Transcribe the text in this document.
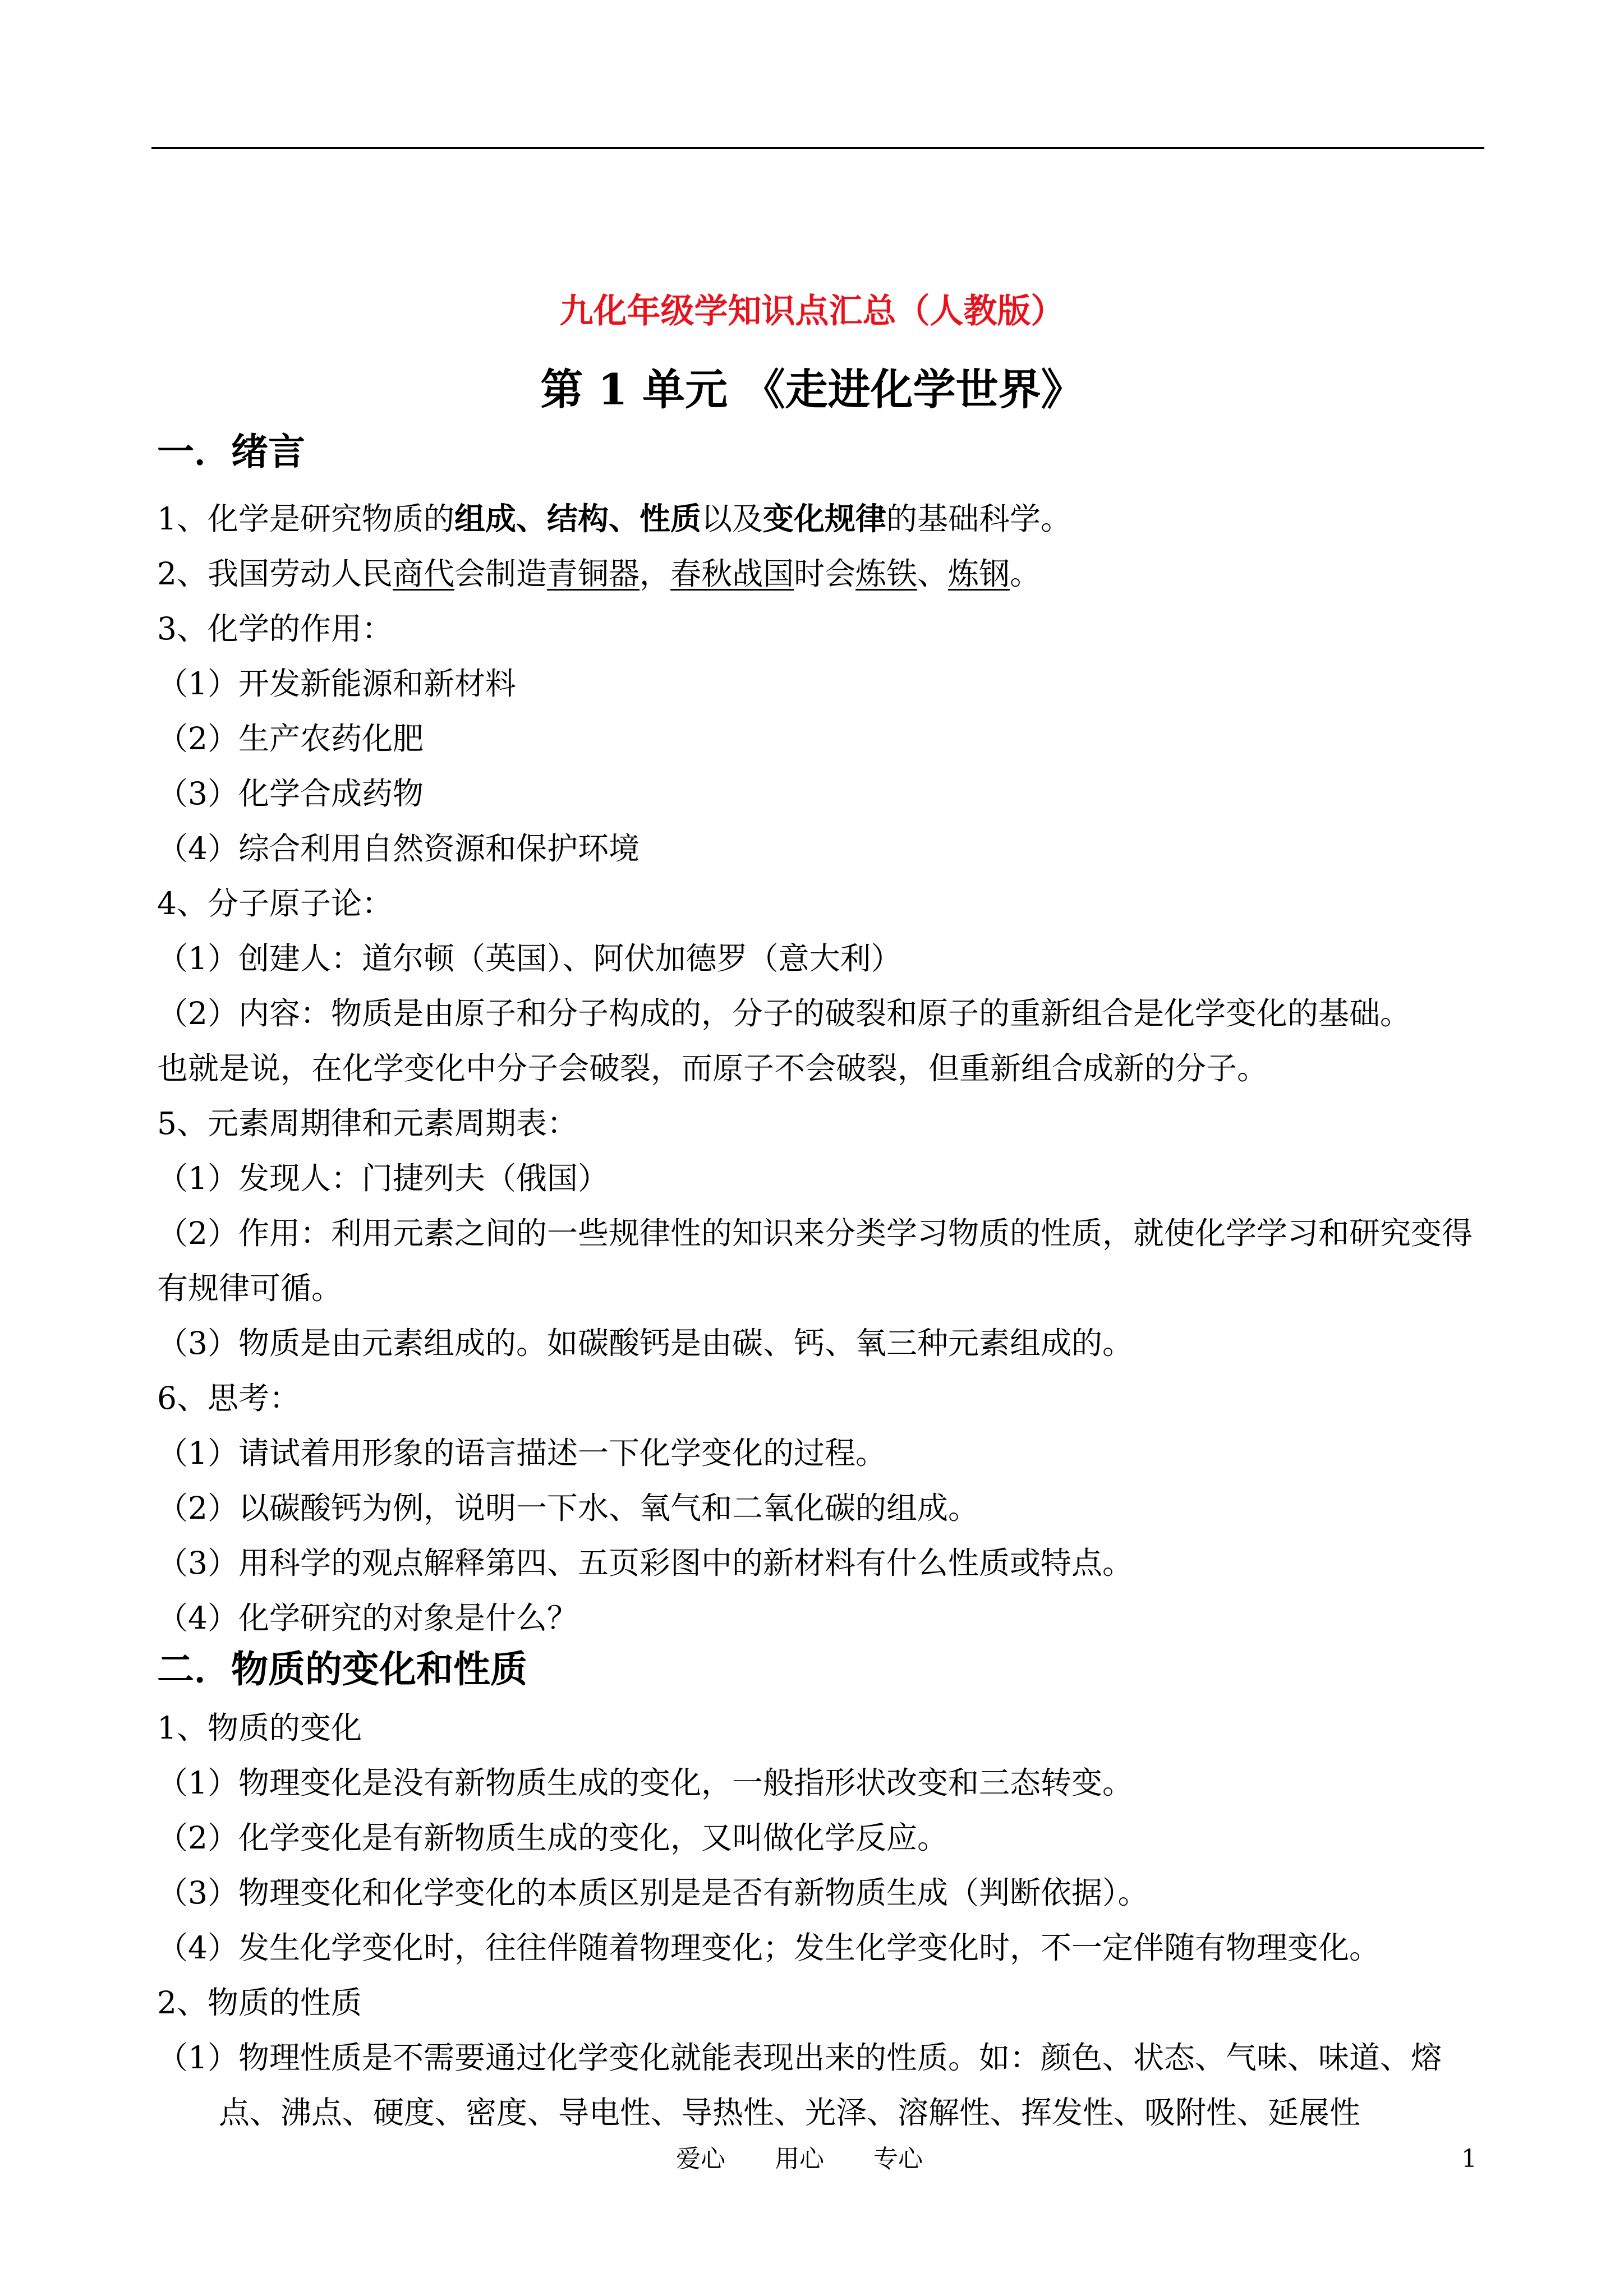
九化年级学知识点汇总（人教版）
第 1 单元 《走进化学世界》
一．绪言
1、化学是研究物质的组成、结构、性质以及变化规律的基础科学。
2、我国劳动人民商代会制造青铜器，春秋战国时会炼铁、炼钢。
3、化学的作用：
（1）开发新能源和新材料
（2）生产农药化肥
（3）化学合成药物
（4）综合利用自然资源和保护环境
4、分子原子论：
（1）创建人：道尔顿（英国）、阿伏加德罗（意大利）
（2）内容：物质是由原子和分子构成的，分子的破裂和原子的重新组合是化学变化的基础。
也就是说，在化学变化中分子会破裂，而原子不会破裂，但重新组合成新的分子。
5、元素周期律和元素周期表：
（1）发现人：门捷列夫（俄国）
（2）作用：利用元素之间的一些规律性的知识来分类学习物质的性质，就使化学学习和研究变得有规律可循。
（3）物质是由元素组成的。如碳酸钙是由碳、钙、氧三种元素组成的。
6、思考：
（1）请试着用形象的语言描述一下化学变化的过程。
（2）以碳酸钙为例，说明一下水、氧气和二氧化碳的组成。
（3）用科学的观点解释第四、五页彩图中的新材料有什么性质或特点。
（4）化学研究的对象是什么？
二．物质的变化和性质
1、物质的变化
（1）物理变化是没有新物质生成的变化，一般指形状改变和三态转变。
（2）化学变化是有新物质生成的变化，又叫做化学反应。
（3）物理变化和化学变化的本质区别是是否有新物质生成（判断依据）。
（4）发生化学变化时，往往伴随着物理变化；发生化学变化时，不一定伴随有物理变化。
2、物质的性质
（1）物理性质是不需要通过化学变化就能表现出来的性质。如：颜色、状态、气味、味道、熔点、沸点、硬度、密度、导电性、导热性、光泽、溶解性、挥发性、吸附性、延展性
爱心　　用心　　专心	1
